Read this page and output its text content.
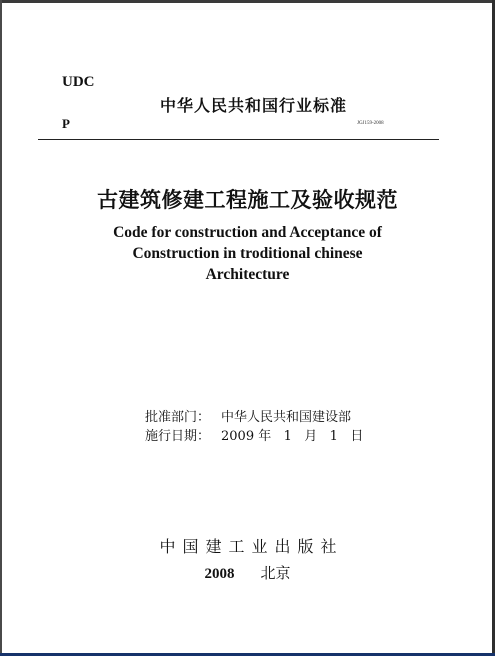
UDC
P
中华人民共和国行业标准
JGJ159-2008
古建筑修建工程施工及验收规范
Code for construction and Acceptance of
Construction in troditional chinese
Architecture
批准部门： 中华人民共和国建设部
施行日期： 2009 年   1   月   1   日
中国建工业出版社
2008 北京
